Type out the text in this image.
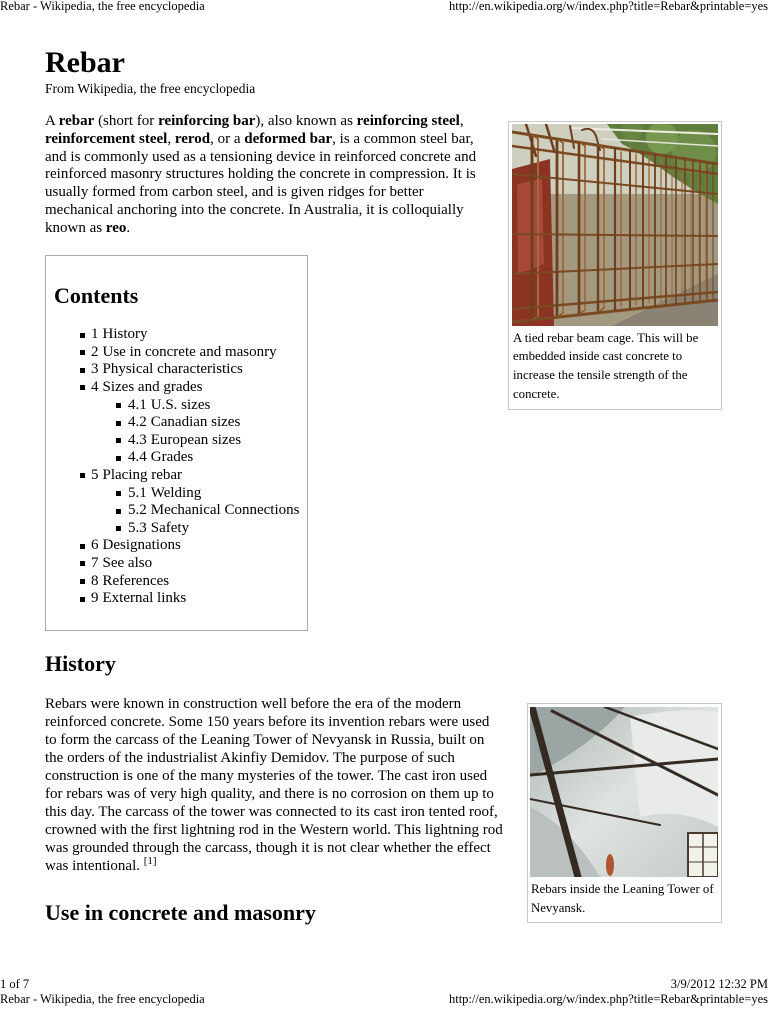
Rebar - Wikipedia, the free encyclopedia	http://en.wikipedia.org/w/index.php?title=Rebar&printable=yes
Rebar
From Wikipedia, the free encyclopedia
A rebar (short for reinforcing bar), also known as reinforcing steel,
reinforcement steel, rerod, or a deformed bar, is a common steel bar,
and is commonly used as a tensioning device in reinforced concrete and
reinforced masonry structures holding the concrete in compression. It is
usually formed from carbon steel, and is given ridges for better
mechanical anchoring into the concrete. In Australia, it is colloquially
known as reo.
A tied rebar beam cage. This will be
embedded inside cast concrete to
increase the tensile strength of the
concrete.
Contents
1 History
2 Use in concrete and masonry
3 Physical characteristics
4 Sizes and grades
4.1 U.S. sizes
4.2 Canadian sizes
4.3 European sizes
4.4 Grades
5 Placing rebar
5.1 Welding
5.2 Mechanical Connections
5.3 Safety
6 Designations
7 See also
8 References
9 External links
History
Rebars were known in construction well before the era of the modern
reinforced concrete. Some 150 years before its invention rebars were used
to form the carcass of the Leaning Tower of Nevyansk in Russia, built on
the orders of the industrialist Akinfiy Demidov. The purpose of such
construction is one of the many mysteries of the tower. The cast iron used
for rebars was of very high quality, and there is no corrosion on them up to
this day. The carcass of the tower was connected to its cast iron tented roof,
crowned with the first lightning rod in the Western world. This lightning rod
was grounded through the carcass, though it is not clear whether the effect
was intentional. [1]
Rebars inside the Leaning Tower of
Nevyansk.
Use in concrete and masonry
1 of 7	3/9/2012 12:32 PM
Rebar - Wikipedia, the free encyclopedia	http://en.wikipedia.org/w/index.php?title=Rebar&printable=yes
